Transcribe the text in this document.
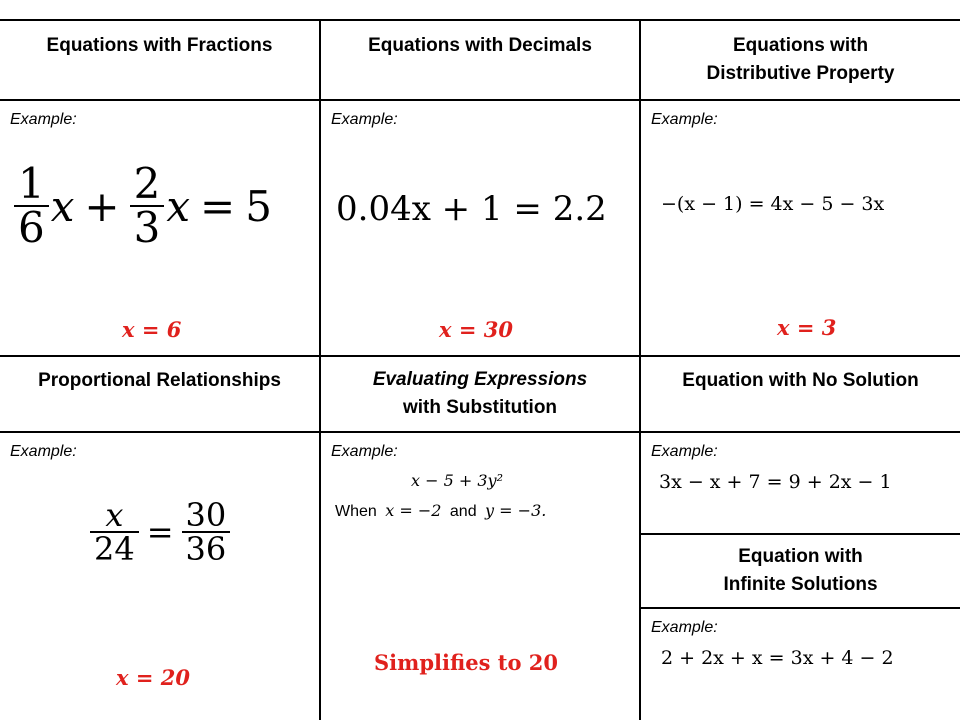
Equations with Fractions	Equations with Decimals	Equations with
Distributive Property
Example:
$\frac{1}{6}$ $x + \frac{2}{3}$ x = 5
x = 6
Example:
0.04x + 1 = 2.2
x = 30
Example:
−(x − 1) = 4x − 5 − 3x
x = 3
Proportional Relationships	Evaluating Expressions
with Substitution
Equation with No Solution
Example:
$\frac{x}{24} = \frac{30}{36}$
x = 20
Example:
x − 5 + 3y²
When x = −2 and y = −3.
Simplifies to 20
Example:
3x − x + 7 = 9 + 2x − 1
Equation with
Infinite Solutions
Example:
2 + 2x + x = 3x + 4 − 2
